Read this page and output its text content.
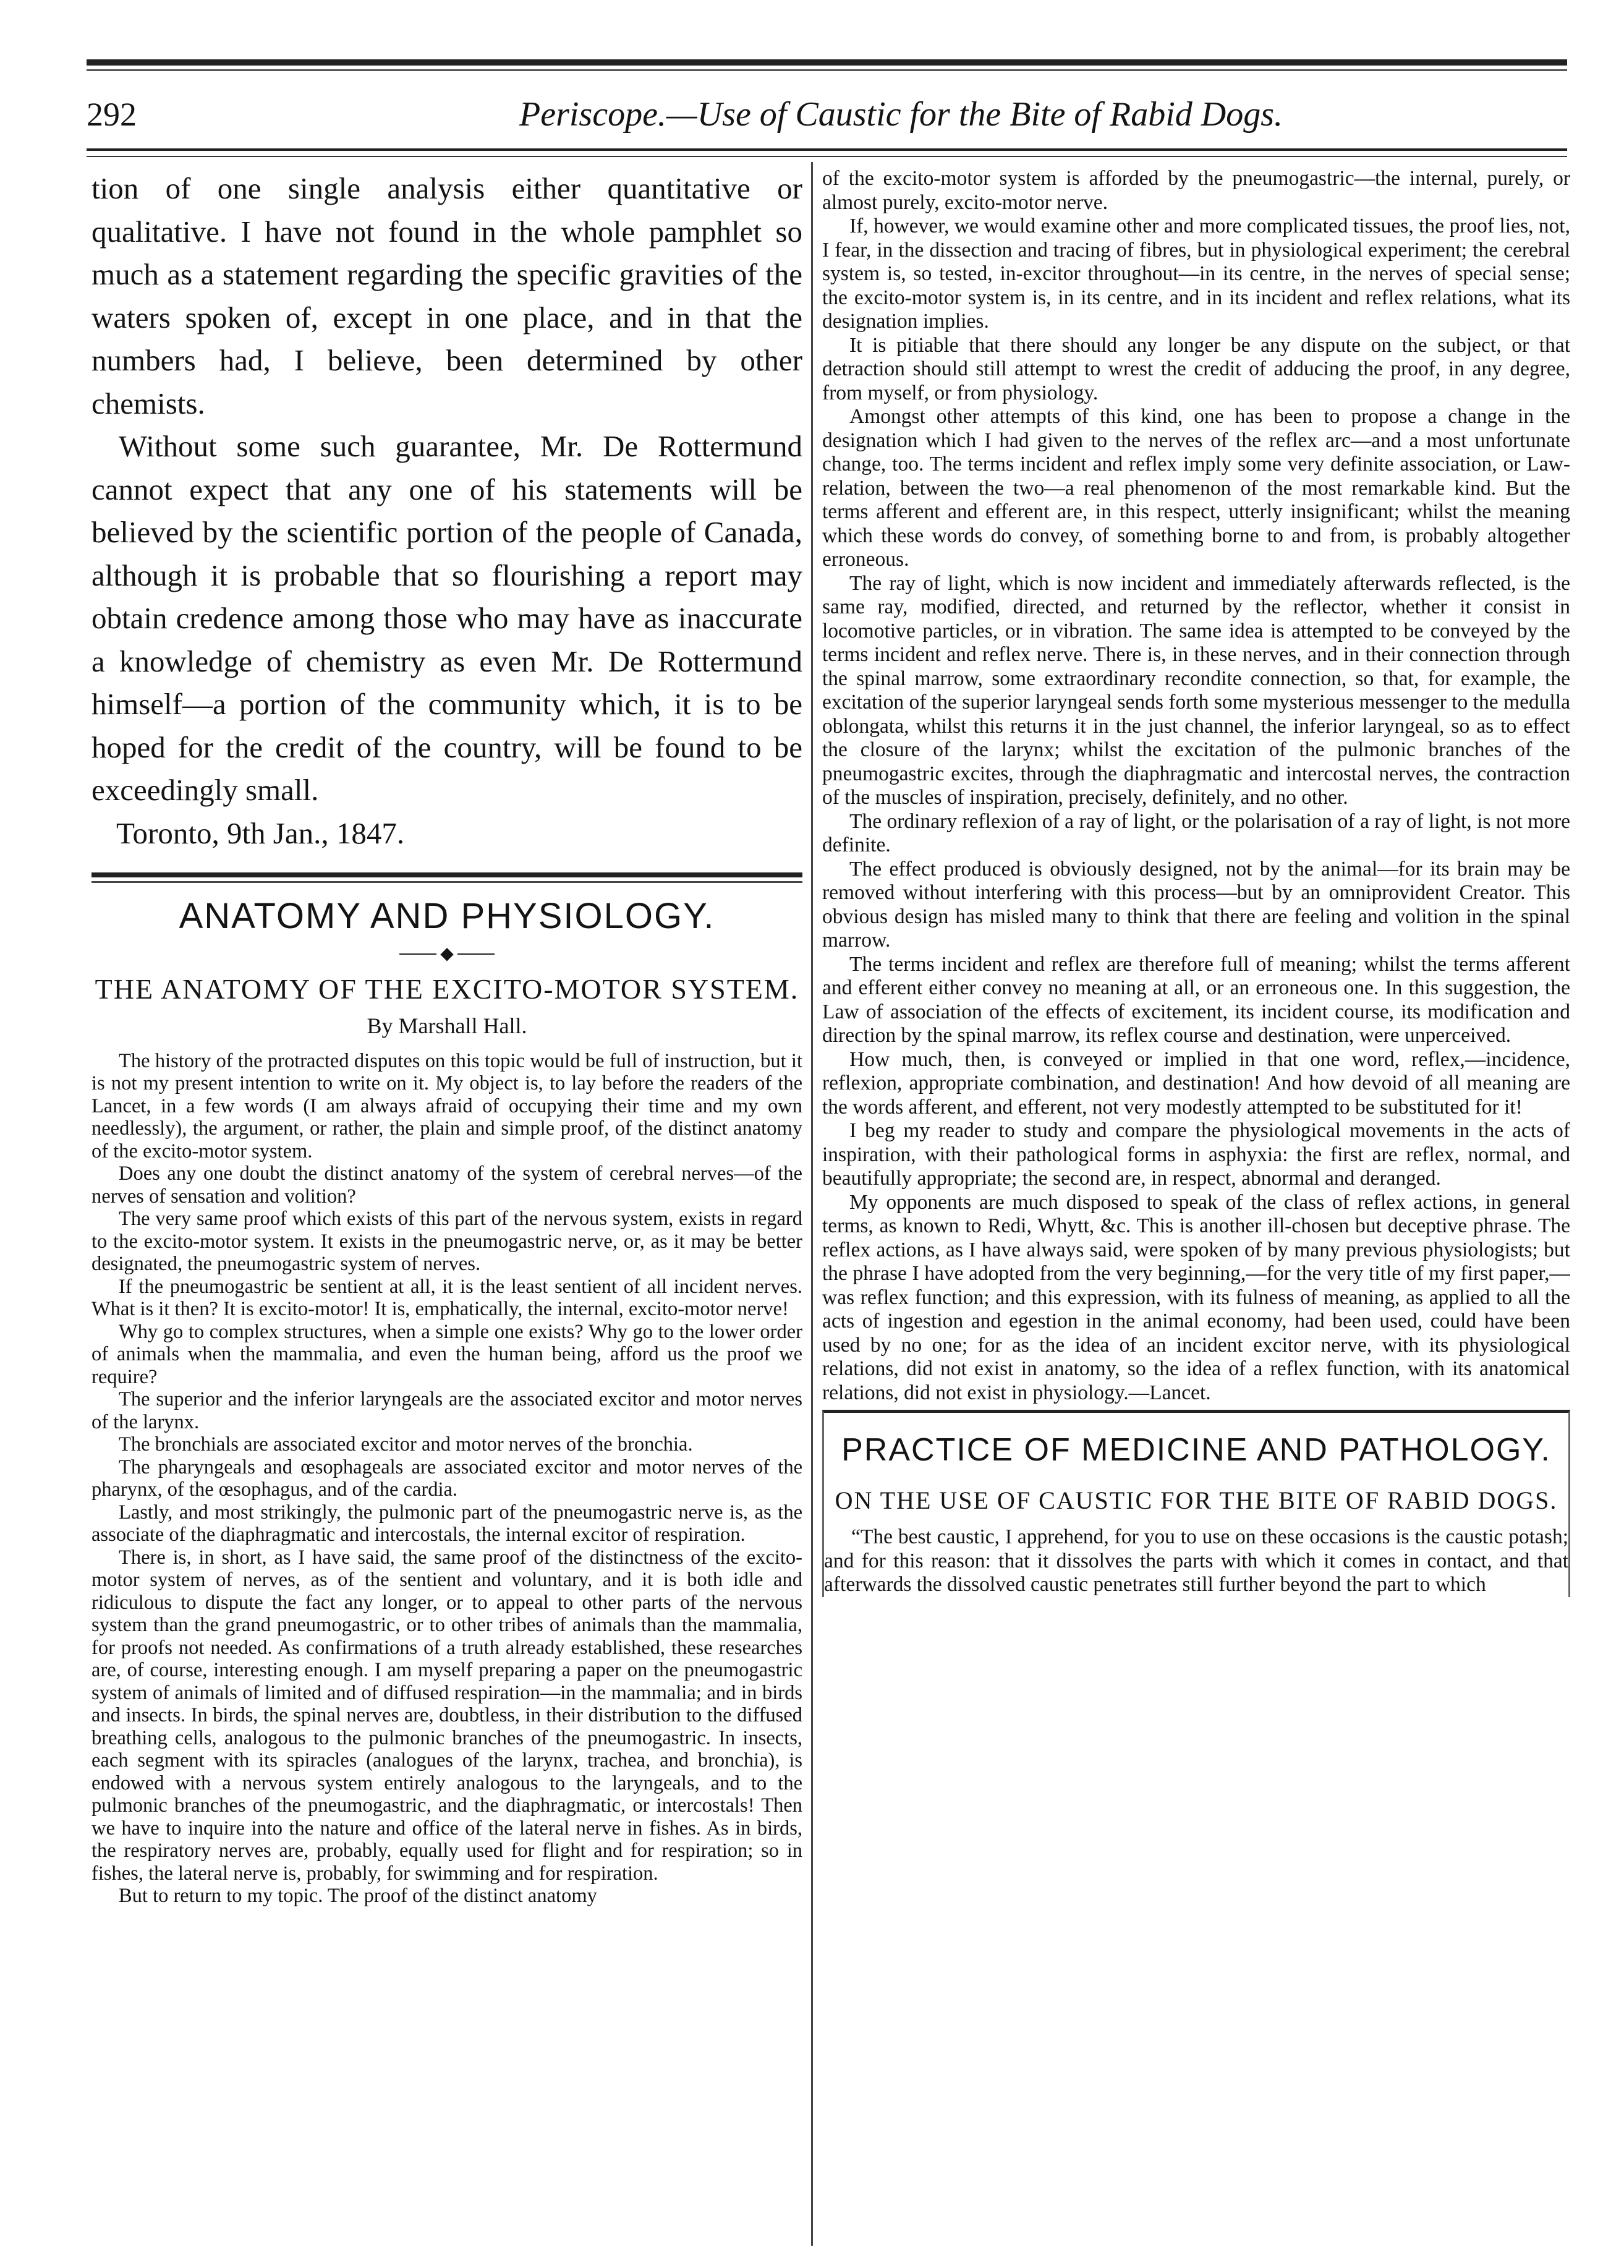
292	Periscope.—Use of Caustic for the Bite of Rabid Dogs.

tion of one single analysis either quantitative or qualitative. I have not found in the whole pamphlet so much as a statement regarding the specific gravities of the waters spoken of, except in one place, and in that the numbers had, I believe, been determined by other chemists.

Without some such guarantee, Mr. De Rottermund cannot expect that any one of his statements will be believed by the scientific portion of the people of Canada, although it is probable that so flourishing a report may obtain credence among those who may have as inaccurate a knowledge of chemistry as even Mr. De Rottermund himself—a portion of the community which, it is to be hoped for the credit of the country, will be found to be exceedingly small.

Toronto, 9th Jan., 1847.

ANATOMY AND PHYSIOLOGY.
◆
THE ANATOMY OF THE EXCITO-MOTOR SYSTEM.
By Marshall Hall.

The history of the protracted disputes on this topic would be full of instruction, but it is not my present intention to write on it. My object is, to lay before the readers of the Lancet, in a few words (I am always afraid of occupying their time and my own needlessly), the argument, or rather, the plain and simple proof, of the distinct anatomy of the excito-motor system.

Does any one doubt the distinct anatomy of the system of cerebral nerves—of the nerves of sensation and volition?

The very same proof which exists of this part of the nervous system, exists in regard to the excito-motor system. It exists in the pneumogastric nerve, or, as it may be better designated, the pneumogastric system of nerves.

If the pneumogastric be sentient at all, it is the least sentient of all incident nerves. What is it then? It is excito-motor! It is, emphatically, the internal, excito-motor nerve!

Why go to complex structures, when a simple one exists? Why go to the lower order of animals when the mammalia, and even the human being, afford us the proof we require?

The superior and the inferior laryngeals are the associated excitor and motor nerves of the larynx.

The bronchials are associated excitor and motor nerves of the bronchia.

The pharyngeals and œsophageals are associated excitor and motor nerves of the pharynx, of the œsophagus, and of the cardia.

Lastly, and most strikingly, the pulmonic part of the pneumogastric nerve is, as the associate of the diaphragmatic and intercostals, the internal excitor of respiration.

There is, in short, as I have said, the same proof of the distinctness of the excito-motor system of nerves, as of the sentient and voluntary, and it is both idle and ridiculous to dispute the fact any longer, or to appeal to other parts of the nervous system than the grand pneumogastric, or to other tribes of animals than the mammalia, for proofs not needed. As confirmations of a truth already established, these researches are, of course, interesting enough. I am myself preparing a paper on the pneumogastric system of animals of limited and of diffused respiration—in the mammalia; and in birds and insects. In birds, the spinal nerves are, doubtless, in their distribution to the diffused breathing cells, analogous to the pulmonic branches of the pneumogastric. In insects, each segment with its spiracles (analogues of the larynx, trachea, and bronchia), is endowed with a nervous system entirely analogous to the laryngeals, and to the pulmonic branches of the pneumogastric, and the diaphragmatic, or intercostals! Then we have to inquire into the nature and office of the lateral nerve in fishes. As in birds, the respiratory nerves are, probably, equally used for flight and for respiration; so in fishes, the lateral nerve is, probably, for swimming and for respiration.

But to return to my topic. The proof of the distinct anatomy

of the excito-motor system is afforded by the pneumogastric—the internal, purely, or almost purely, excito-motor nerve.

If, however, we would examine other and more complicated tissues, the proof lies, not, I fear, in the dissection and tracing of fibres, but in physiological experiment; the cerebral system is, so tested, in-excitor throughout—in its centre, in the nerves of special sense; the excito-motor system is, in its centre, and in its incident and reflex relations, what its designation implies.

It is pitiable that there should any longer be any dispute on the subject, or that detraction should still attempt to wrest the credit of adducing the proof, in any degree, from myself, or from physiology.

Amongst other attempts of this kind, one has been to propose a change in the designation which I had given to the nerves of the reflex arc—and a most unfortunate change, too. The terms incident and reflex imply some very definite association, or Law-relation, between the two—a real phenomenon of the most remarkable kind. But the terms afferent and efferent are, in this respect, utterly insignificant; whilst the meaning which these words do convey, of something borne to and from, is probably altogether erroneous.

The ray of light, which is now incident and immediately afterwards reflected, is the same ray, modified, directed, and returned by the reflector, whether it consist in locomotive particles, or in vibration. The same idea is attempted to be conveyed by the terms incident and reflex nerve. There is, in these nerves, and in their connection through the spinal marrow, some extraordinary recondite connection, so that, for example, the excitation of the superior laryngeal sends forth some mysterious messenger to the medulla oblongata, whilst this returns it in the just channel, the inferior laryngeal, so as to effect the closure of the larynx; whilst the excitation of the pulmonic branches of the pneumogastric excites, through the diaphragmatic and intercostal nerves, the contraction of the muscles of inspiration, precisely, definitely, and no other.

The ordinary reflexion of a ray of light, or the polarisation of a ray of light, is not more definite.

The effect produced is obviously designed, not by the animal—for its brain may be removed without interfering with this process—but by an omniprovident Creator. This obvious design has misled many to think that there are feeling and volition in the spinal marrow.

The terms incident and reflex are therefore full of meaning; whilst the terms afferent and efferent either convey no meaning at all, or an erroneous one. In this suggestion, the Law of association of the effects of excitement, its incident course, its modification and direction by the spinal marrow, its reflex course and destination, were unperceived.

How much, then, is conveyed or implied in that one word, reflex,—incidence, reflexion, appropriate combination, and destination! And how devoid of all meaning are the words afferent, and efferent, not very modestly attempted to be substituted for it!

I beg my reader to study and compare the physiological movements in the acts of inspiration, with their pathological forms in asphyxia: the first are reflex, normal, and beautifully appropriate; the second are, in respect, abnormal and deranged.

My opponents are much disposed to speak of the class of reflex actions, in general terms, as known to Redi, Whytt, &c. This is another ill-chosen but deceptive phrase. The reflex actions, as I have always said, were spoken of by many previous physiologists; but the phrase I have adopted from the very beginning,—for the very title of my first paper,—was reflex function; and this expression, with its fulness of meaning, as applied to all the acts of ingestion and egestion in the animal economy, had been used, could have been used by no one; for as the idea of an incident excitor nerve, with its physiological relations, did not exist in anatomy, so the idea of a reflex function, with its anatomical relations, did not exist in physiology.—Lancet.

PRACTICE OF MEDICINE AND PATHOLOGY.
ON THE USE OF CAUSTIC FOR THE BITE OF RABID DOGS.

“The best caustic, I apprehend, for you to use on these occasions is the caustic potash; and for this reason: that it dissolves the parts with which it comes in contact, and that afterwards the dissolved caustic penetrates still further beyond the part to which
